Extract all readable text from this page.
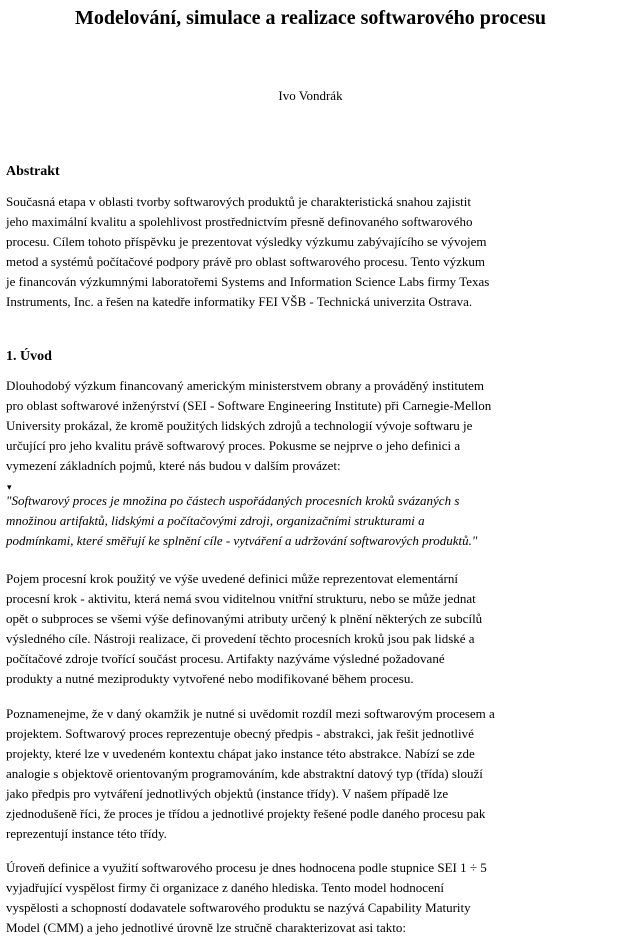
Modelování, simulace a realizace softwarového procesu
Ivo Vondrák
Abstrakt
Současná etapa v oblasti tvorby softwarových produktů je charakteristická snahou zajistit
jeho maximální kvalitu a spolehlivost prostřednictvím přesně definovaného softwarového
procesu. Cílem tohoto příspěvku je prezentovat výsledky výzkumu zabývajícího se vývojem
metod a systémů počítačové podpory právě pro oblast softwarového procesu. Tento výzkum
je financován výzkumnými laboratořemi Systems and Information Science Labs firmy Texas
Instruments, Inc. a řešen na katedře informatiky FEI VŠB - Technická univerzita Ostrava.
1. Úvod
Dlouhodobý výzkum financovaný americkým ministerstvem obrany a prováděný institutem
pro oblast softwarové inženýrství (SEI - Software Engineering Institute) při Carnegie-Mellon
University prokázal, že kromě použitých lidských zdrojů a technologií vývoje softwaru je
určující pro jeho kvalitu právě softwarový proces. Pokusme se nejprve o jeho definici a
vymezení základních pojmů, které nás budou v dalším provázet:
▾
"Softwarový proces je množina po částech uspořádaných procesních kroků svázaných s
množinou artifaktů, lidskými a počítačovými zdroji, organizačními strukturami a
podmínkami, které směřují ke splnění cíle - vytváření a udržování softwarových produktů."
Pojem procesní krok použitý ve výše uvedené definici může reprezentovat elementární
procesní krok - aktivitu, která nemá svou viditelnou vnitřní strukturu, nebo se může jednat
opět o subproces se všemi výše definovanými atributy určený k plnění některých ze subcílů
výsledného cíle. Nástroji realizace, či provedení těchto procesních kroků jsou pak lidské a
počítačové zdroje tvořící součást procesu. Artifakty nazýváme výsledné požadované
produkty a nutné meziprodukty vytvořené nebo modifikované během procesu.
Poznamenejme, že v daný okamžik je nutné si uvědomit rozdíl mezi softwarovým procesem a
projektem. Softwarový proces reprezentuje obecný předpis - abstrakci, jak řešit jednotlivé
projekty, které lze v uvedeném kontextu chápat jako instance této abstrakce. Nabízí se zde
analogie s objektově orientovaným programováním, kde abstraktní datový typ (třída) slouží
jako předpis pro vytváření jednotlivých objektů (instance třídy). V našem případě lze
zjednodušeně říci, že proces je třídou a jednotlivé projekty řešené podle daného procesu pak
reprezentují instance této třídy.
Úroveň definice a využití softwarového procesu je dnes hodnocena podle stupnice SEI 1 ÷ 5
vyjadřující vyspělost firmy či organizace z daného hlediska. Tento model hodnocení
vyspělosti a schopností dodavatele softwarového produktu se nazývá Capability Maturity
Model (CMM) a jeho jednotlivé úrovně lze stručně charakterizovat asi takto:
